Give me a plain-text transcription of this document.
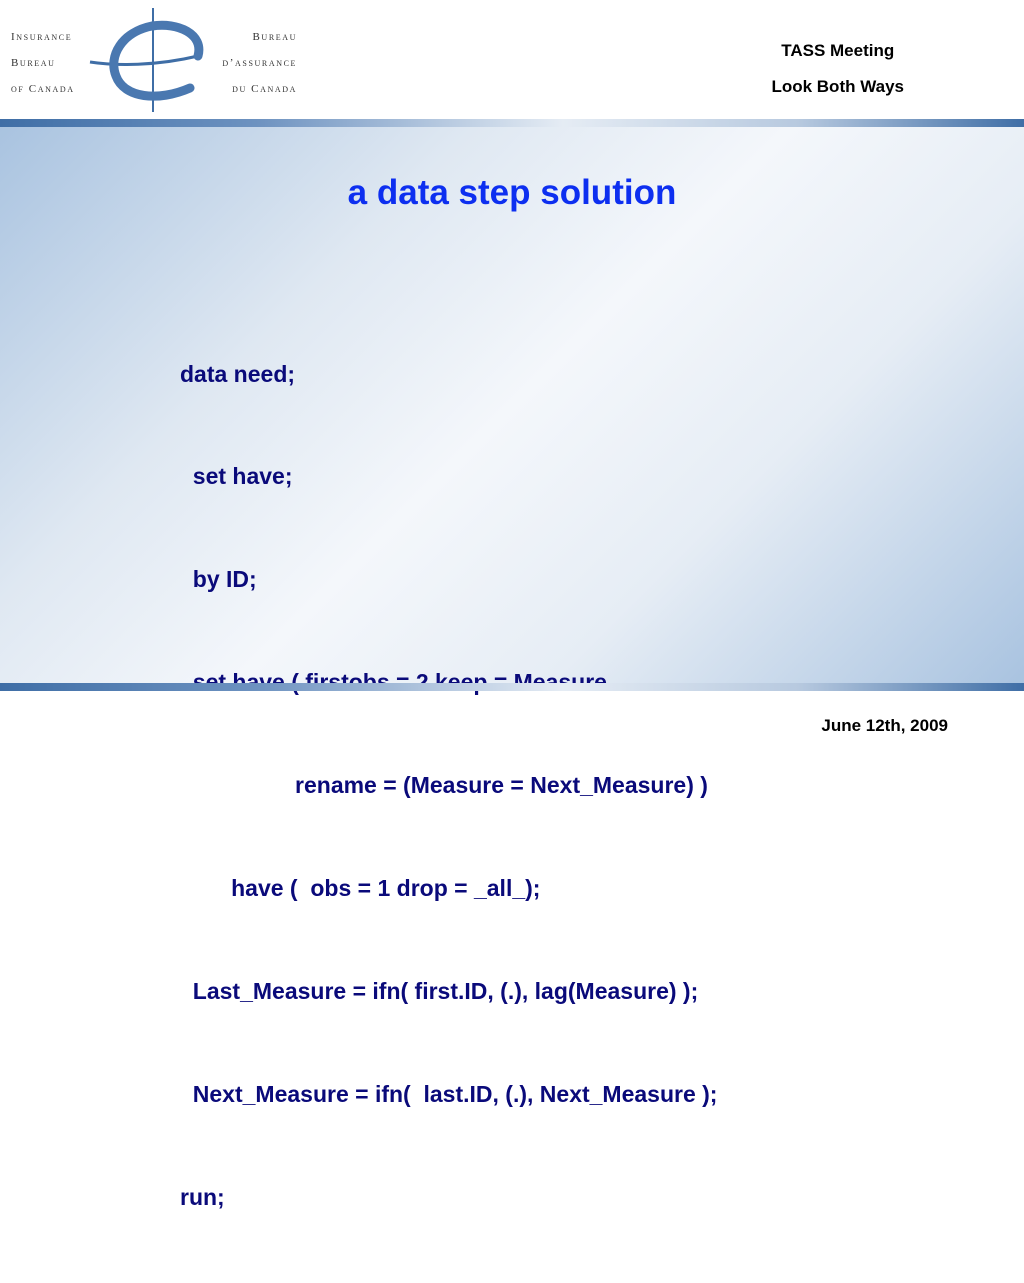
Insurance
Bureau
of Canada
Bureau
d’assurance
du Canada
TASS Meeting
Look Both Ways
a data step solution

data need;

set have;

by ID;

rename = (Measure = Next_Measure) )

have (  obs = 1 drop = _all_);

Last_Measure = ifn( first.ID, (.), lag(Measure) );

Next_Measure = ifn(  last.ID, (.), Next_Measure );

run;

June 12th, 2009
